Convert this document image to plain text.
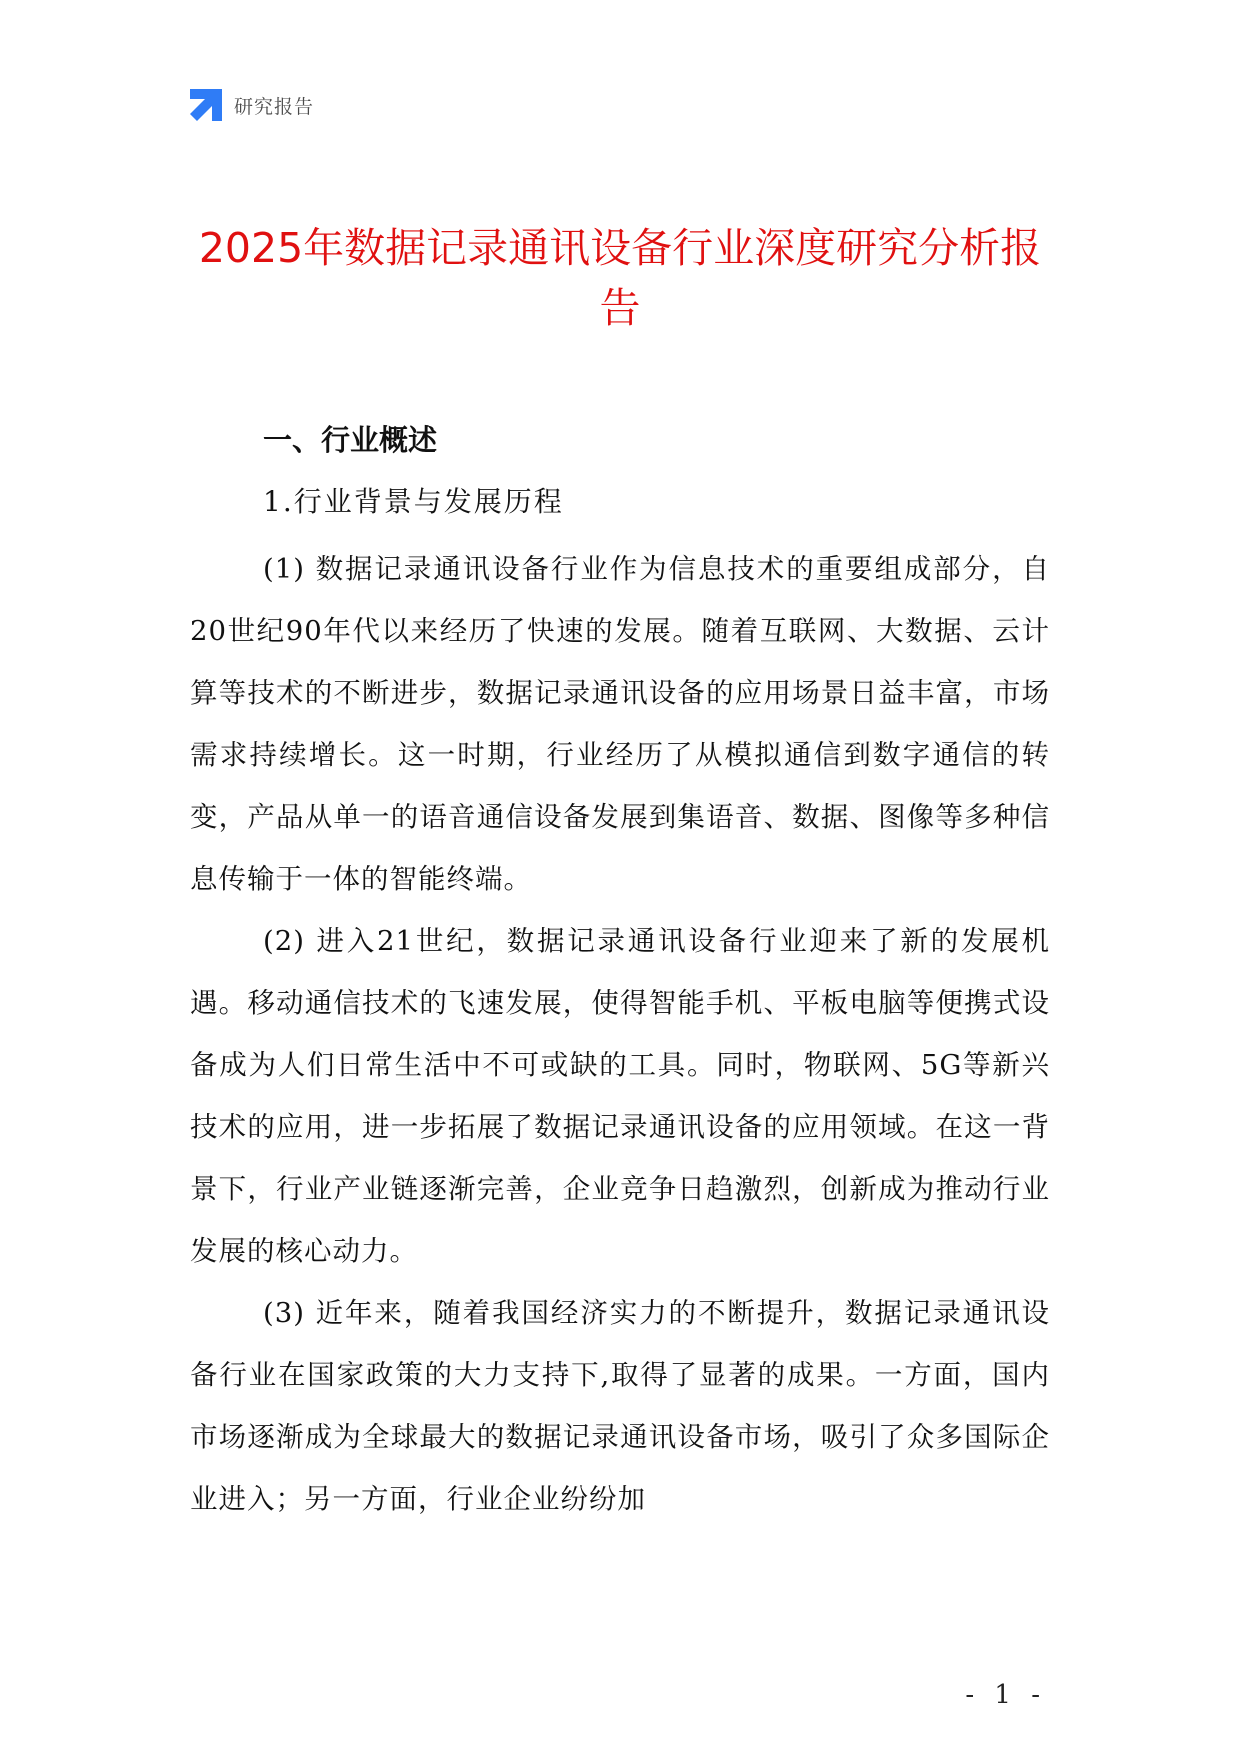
研究报告
2025年数据记录通讯设备行业深度研究分析报告
一、行业概述
1.行业背景与发展历程

(1) 数据记录通讯设备行业作为信息技术的重要组成部分，自20世纪90年代以来经历了快速的发展。随着互联网、大数据、云计算等技术的不断进步，数据记录通讯设备的应用场景日益丰富，市场需求持续增长。这一时期，行业经历了从模拟通信到数字通信的转变，产品从单一的语音通信设备发展到集语音、数据、图像等多种信息传输于一体的智能终端。

(2) 进入21世纪，数据记录通讯设备行业迎来了新的发展机遇。移动通信技术的飞速发展，使得智能手机、平板电脑等便携式设备成为人们日常生活中不可或缺的工具。同时，物联网、5G等新兴技术的应用，进一步拓展了数据记录通讯设备的应用领域。在这一背景下，行业产业链逐渐完善，企业竞争日趋激烈，创新成为推动行业发展的核心动力。

(3) 近年来，随着我国经济实力的不断提升，数据记录通讯设备行业在国家政策的大力支持下,取得了显著的成果。一方面，国内市场逐渐成为全球最大的数据记录通讯设备市场，吸引了众多国际企业进入；另一方面，行业企业纷纷加

- 1 -
